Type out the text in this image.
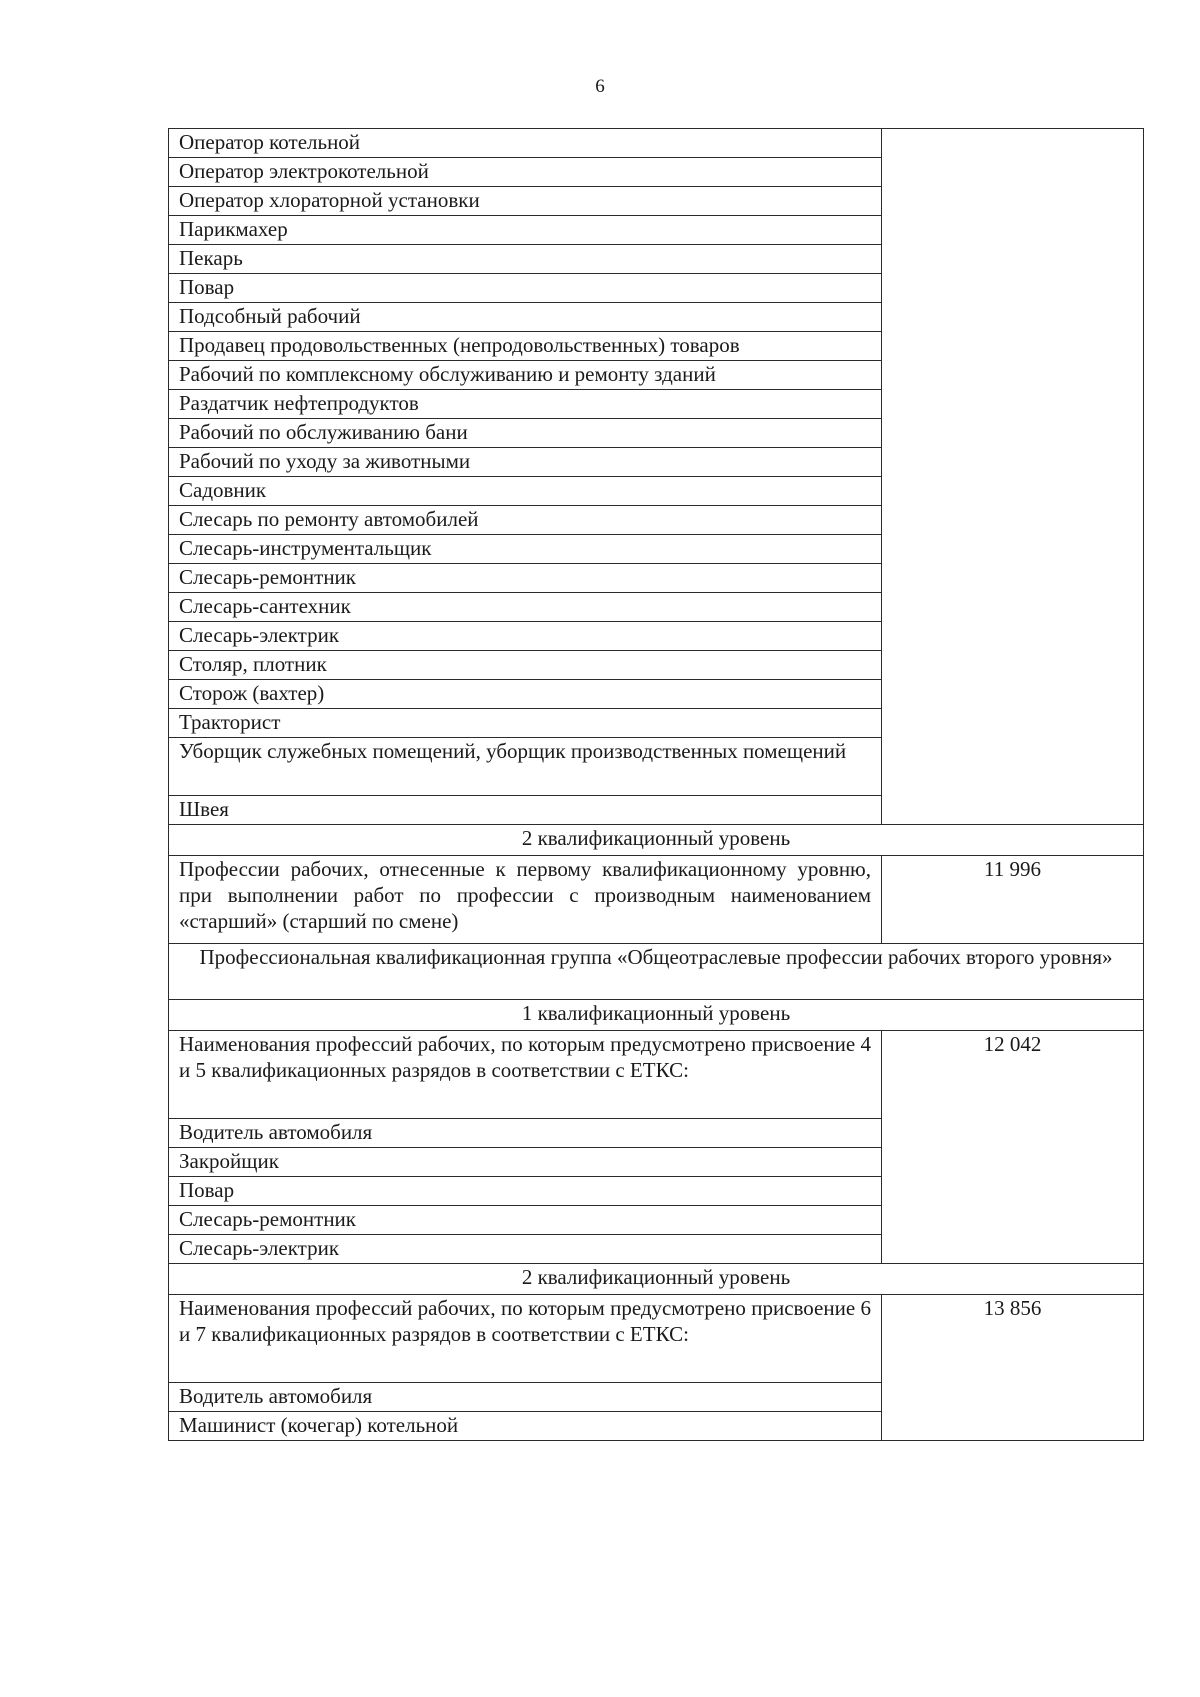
6
Оператор котельной	
Оператор электрокотельной	
Оператор хлораторной установки	
Парикмахер	
Пекарь	
Повар	
Подсобный рабочий	
Продавец продовольственных (непродовольственных) товаров	
Рабочий по комплексному обслуживанию и ремонту зданий	
Раздатчик нефтепродуктов	
Рабочий по обслуживанию бани	
Рабочий по уходу за животными	
Садовник	
Слесарь по ремонту автомобилей	
Слесарь-инструментальщик	
Слесарь-ремонтник	
Слесарь-сантехник	
Слесарь-электрик	
Столяр, плотник	
Сторож (вахтер)	
Тракторист	
Уборщик служебных помещений, уборщик производственных помещений	
Швея	
2 квалификационный уровень	
Профессии рабочих, отнесенные к первому квалификационному уровню, при выполнении работ по профессии с производным наименованием «старший» (старший по смене)	11 996
Профессиональная квалификационная группа «Общеотраслевые профессии рабочих второго уровня»	
1 квалификационный уровень	
Наименования профессий рабочих, по которым предусмотрено присвоение 4 и 5 квалификационных разрядов в соответствии с ЕТКС:	12 042
Водитель автомобиля	
Закройщик	
Повар	
Слесарь-ремонтник	
Слесарь-электрик	
2 квалификационный уровень	
Наименования профессий рабочих, по которым предусмотрено присвоение 6 и 7 квалификационных разрядов в соответствии с ЕТКС:	13 856
Водитель автомобиля	
Машинист (кочегар) котельной	
